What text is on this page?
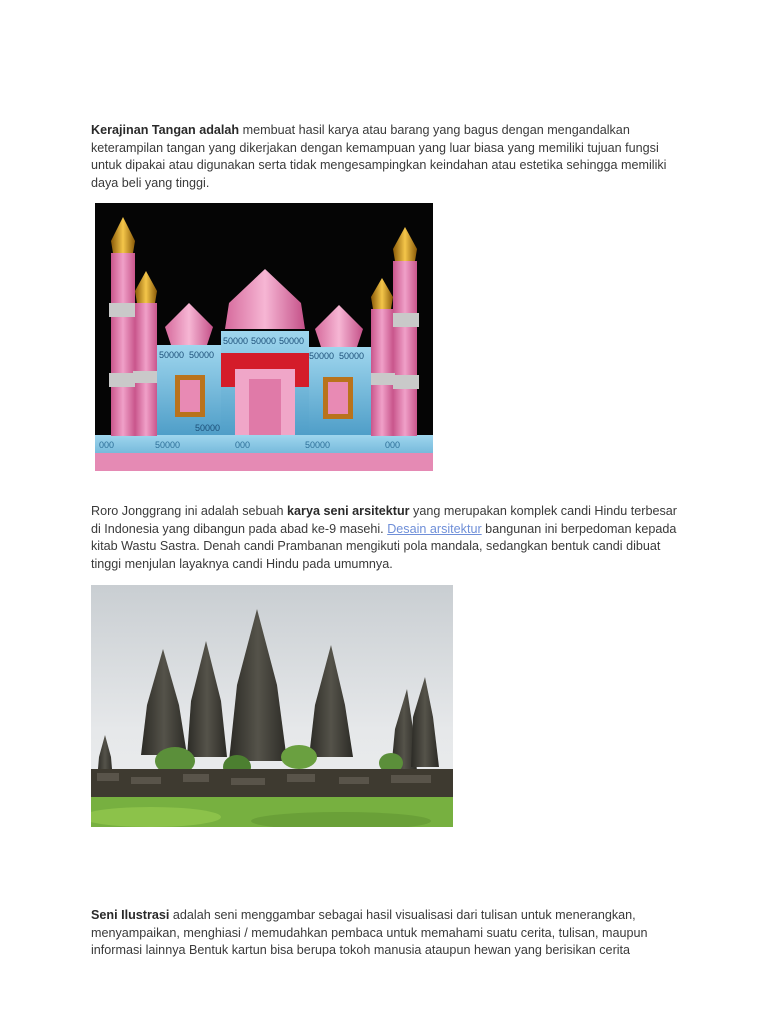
Kerajinan Tangan adalah membuat hasil karya atau barang yang bagus dengan mengandalkan keterampilan tangan yang dikerjakan dengan kemampuan yang luar biasa yang memiliki tujuan fungsi untuk dipakai atau digunakan serta tidak mengesampingkan keindahan atau estetika sehingga memiliki daya beli yang tinggi.

000	50000	000	50000	000
50000 50000
50000 50000 50000
50000 50000
50000

Roro Jonggrang ini adalah sebuah karya seni arsitektur yang merupakan komplek candi Hindu terbesar di Indonesia yang dibangun pada abad ke-9 masehi. Desain arsitektur bangunan ini berpedoman kepada kitab Wastu Sastra. Denah candi Prambanan mengikuti pola mandala, sedangkan bentuk candi dibuat tinggi menjulan layaknya candi Hindu pada umumnya.

Seni Ilustrasi adalah seni menggambar sebagai hasil visualisasi dari tulisan untuk menerangkan, menyampaikan, menghiasi / memudahkan pembaca untuk memahami suatu cerita, tulisan, maupun informasi lainnya Bentuk kartun bisa berupa tokoh manusia ataupun hewan yang berisikan cerita
